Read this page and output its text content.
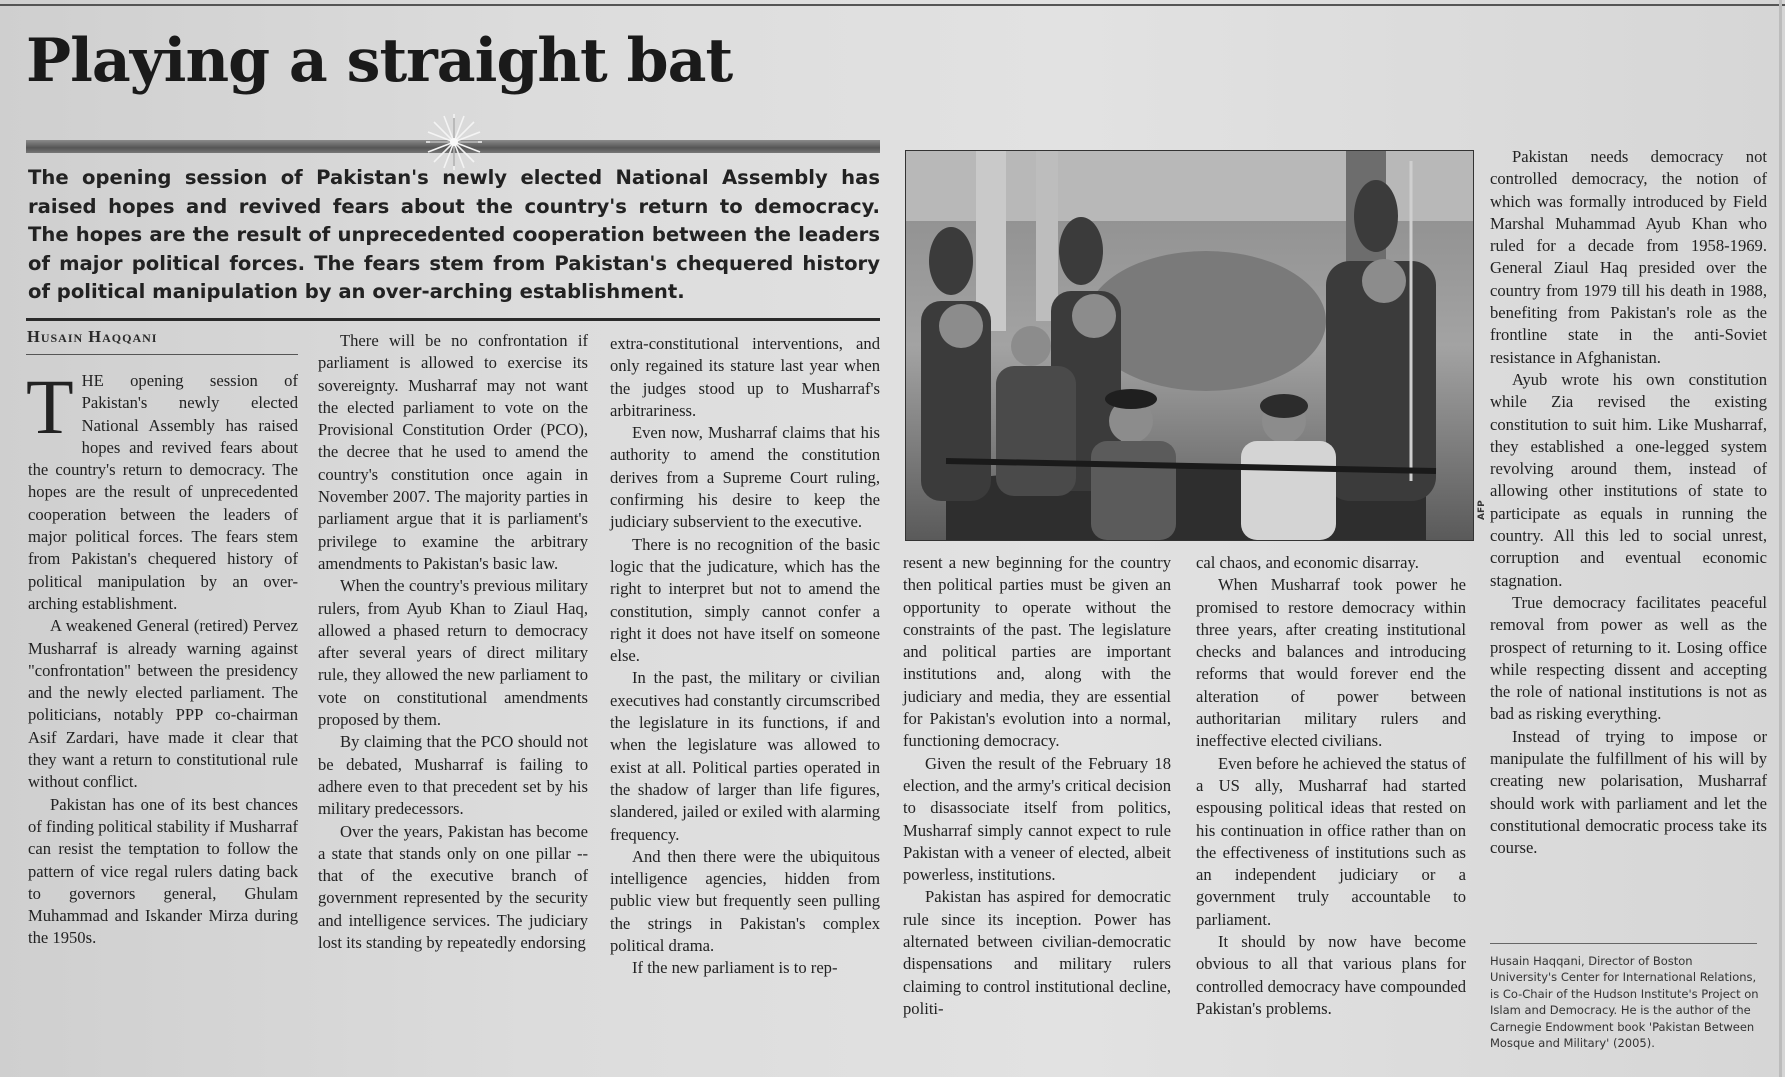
Playing a straight bat

The opening session of Pakistan's newly elected National Assembly has raised hopes and revived fears about the country's return to democracy. The hopes are the result of unprecedented cooperation between the leaders of major political forces. The fears stem from Pakistan's chequered history of political manipulation by an over-arching establishment.

Husain Haqqani

THE opening session of Pakistan's newly elected National Assembly has raised hopes and revived fears about the country's return to democracy. The hopes are the result of unprecedented cooperation between the leaders of major political forces. The fears stem from Pakistan's chequered history of political manipulation by an over-arching establishment.

A weakened General (retired) Pervez Musharraf is already warning against "confrontation" between the presidency and the newly elected parliament. The politicians, notably PPP co-chairman Asif Zardari, have made it clear that they want a return to constitutional rule without conflict.

Pakistan has one of its best chances of finding political stability if Musharraf can resist the temptation to follow the pattern of vice regal rulers dating back to governors general, Ghulam Muhammad and Iskander Mirza during the 1950s.

There will be no confrontation if parliament is allowed to exercise its sovereignty. Musharraf may not want the elected parliament to vote on the Provisional Constitution Order (PCO), the decree that he used to amend the country's constitution once again in November 2007. The majority parties in parliament argue that it is parliament's privilege to examine the arbitrary amendments to Pakistan's basic law.

When the country's previous military rulers, from Ayub Khan to Ziaul Haq, allowed a phased return to democracy after several years of direct military rule, they allowed the new parliament to vote on constitutional amendments proposed by them.

By claiming that the PCO should not be debated, Musharraf is failing to adhere even to that precedent set by his military predecessors.

Over the years, Pakistan has become a state that stands only on one pillar -- that of the executive branch of government represented by the security and intelligence services. The judiciary lost its standing by repeatedly endorsing

extra-constitutional interventions, and only regained its stature last year when the judges stood up to Musharraf's arbitrariness.

Even now, Musharraf claims that his authority to amend the constitution derives from a Supreme Court ruling, confirming his desire to keep the judiciary subservient to the executive.

There is no recognition of the basic logic that the judicature, which has the right to interpret but not to amend the constitution, simply cannot confer a right it does not have itself on someone else.

In the past, the military or civilian executives had constantly circumscribed the legislature in its functions, if and when the legislature was allowed to exist at all. Political parties operated in the shadow of larger than life figures, slandered, jailed or exiled with alarming frequency.

And then there were the ubiquitous intelligence agencies, hidden from public view but frequently seen pulling the strings in Pakistan's complex political drama.

If the new parliament is to rep-

AFP

resent a new beginning for the country then political parties must be given an opportunity to operate without the constraints of the past. The legislature and political parties are important institutions and, along with the judiciary and media, they are essential for Pakistan's evolution into a normal, functioning democracy.

Given the result of the February 18 election, and the army's critical decision to disassociate itself from politics, Musharraf simply cannot expect to rule Pakistan with a veneer of elected, albeit powerless, institutions.

Pakistan has aspired for democratic rule since its inception. Power has alternated between civilian-democratic dispensations and military rulers claiming to control institutional decline, politi-

cal chaos, and economic disarray.

When Musharraf took power he promised to restore democracy within three years, after creating institutional checks and balances and introducing reforms that would forever end the alteration of power between authoritarian military rulers and ineffective elected civilians.

Even before he achieved the status of a US ally, Musharraf had started espousing political ideas that rested on his continuation in office rather than on the effectiveness of institutions such as an independent judiciary or a government truly accountable to parliament.

It should by now have become obvious to all that various plans for controlled democracy have compounded Pakistan's problems.

Pakistan needs democracy not controlled democracy, the notion of which was formally introduced by Field Marshal Muhammad Ayub Khan who ruled for a decade from 1958-1969. General Ziaul Haq presided over the country from 1979 till his death in 1988, benefiting from Pakistan's role as the frontline state in the anti-Soviet resistance in Afghanistan.

Ayub wrote his own constitution while Zia revised the existing constitution to suit him. Like Musharraf, they established a one-legged system revolving around them, instead of allowing other institutions of state to participate as equals in running the country. All this led to social unrest, corruption and eventual economic stagnation.

True democracy facilitates peaceful removal from power as well as the prospect of returning to it. Losing office while respecting dissent and accepting the role of national institutions is not as bad as risking everything.

Instead of trying to impose or manipulate the fulfillment of his will by creating new polarisation, Musharraf should work with parliament and let the constitutional democratic process take its course.

Husain Haqqani, Director of Boston University's Center for International Relations, is Co-Chair of the Hudson Institute's Project on Islam and Democracy. He is the author of the Carnegie Endowment book 'Pakistan Between Mosque and Military' (2005).
